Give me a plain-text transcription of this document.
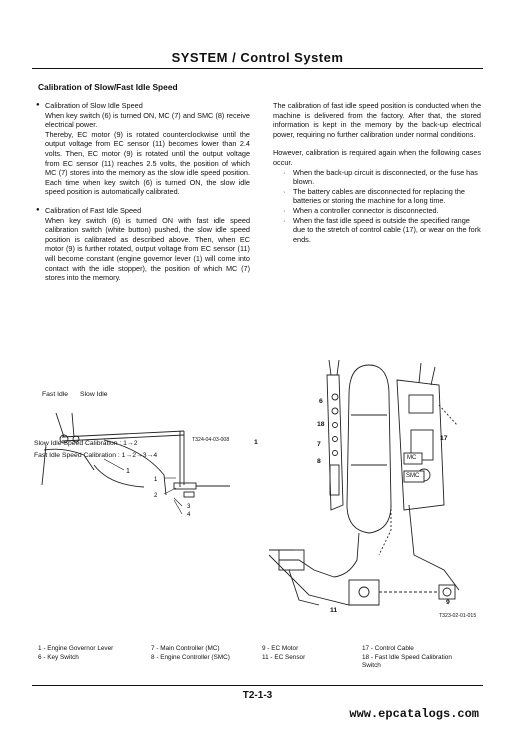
SYSTEM / Control System
Calibration of Slow/Fast Idle Speed
● Calibration of Slow Idle Speed
When key switch (6) is turned ON, MC (7) and SMC (8) receive electrical power.
Thereby, EC motor (9) is rotated counterclockwise until the output voltage from EC sensor (11) becomes lower than 2.4 volts. Then, EC motor (9) is rotated until the output voltage from EC sensor (11) reaches 2.5 volts, the position of which MC (7) stores into the memory as the slow idle speed position. Each time when key switch (6) is turned ON, the slow idle speed position is automatically calibrated.
● Calibration of Fast Idle Speed
When key switch (6) is turned ON with fast idle speed calibration switch (white button) pushed, the slow idle speed position is calibrated as described above. Then, when EC motor (9) is further rotated, output voltage from EC sensor (11) will become constant (engine governor lever (1) will come into contact with the idle stopper), the position of which MC (7) stores into the memory.
The calibration of fast idle speed position is conducted when the machine is delivered from the factory. After that, the stored information is kept in the memory by the back-up electrical power, requiring no further calibration under normal conditions.
However, calibration is required again when the following cases occur.
· When the back-up circuit is disconnected, or the fuse has blown.
· The battery cables are disconnected for replacing the batteries or storing the machine for a long time.
· When a controller connector is disconnected.
· When the fast idle speed is outside the specified range due to the stretch of control cable (17), or wear on the fork ends.
1
1
2
3
4
Fast Idle Slow Idle
T324-04-03-008
Slow Idle Speed Calibration : 1→2
Fast Idle Speed Calibration : 1→2→3→4
6
18
17
7
8
1
11
9
MC
SMC
T323-02-01-015
1 - Engine Governor Lever
6 - Key Switch
7 - Main Controller (MC)
8 - Engine Controller (SMC)
9 - EC Motor
11 - EC Sensor
17 - Control Cable
18 - Fast Idle Speed Calibration
Switch
T2-1-3
www.epcatalogs.com
